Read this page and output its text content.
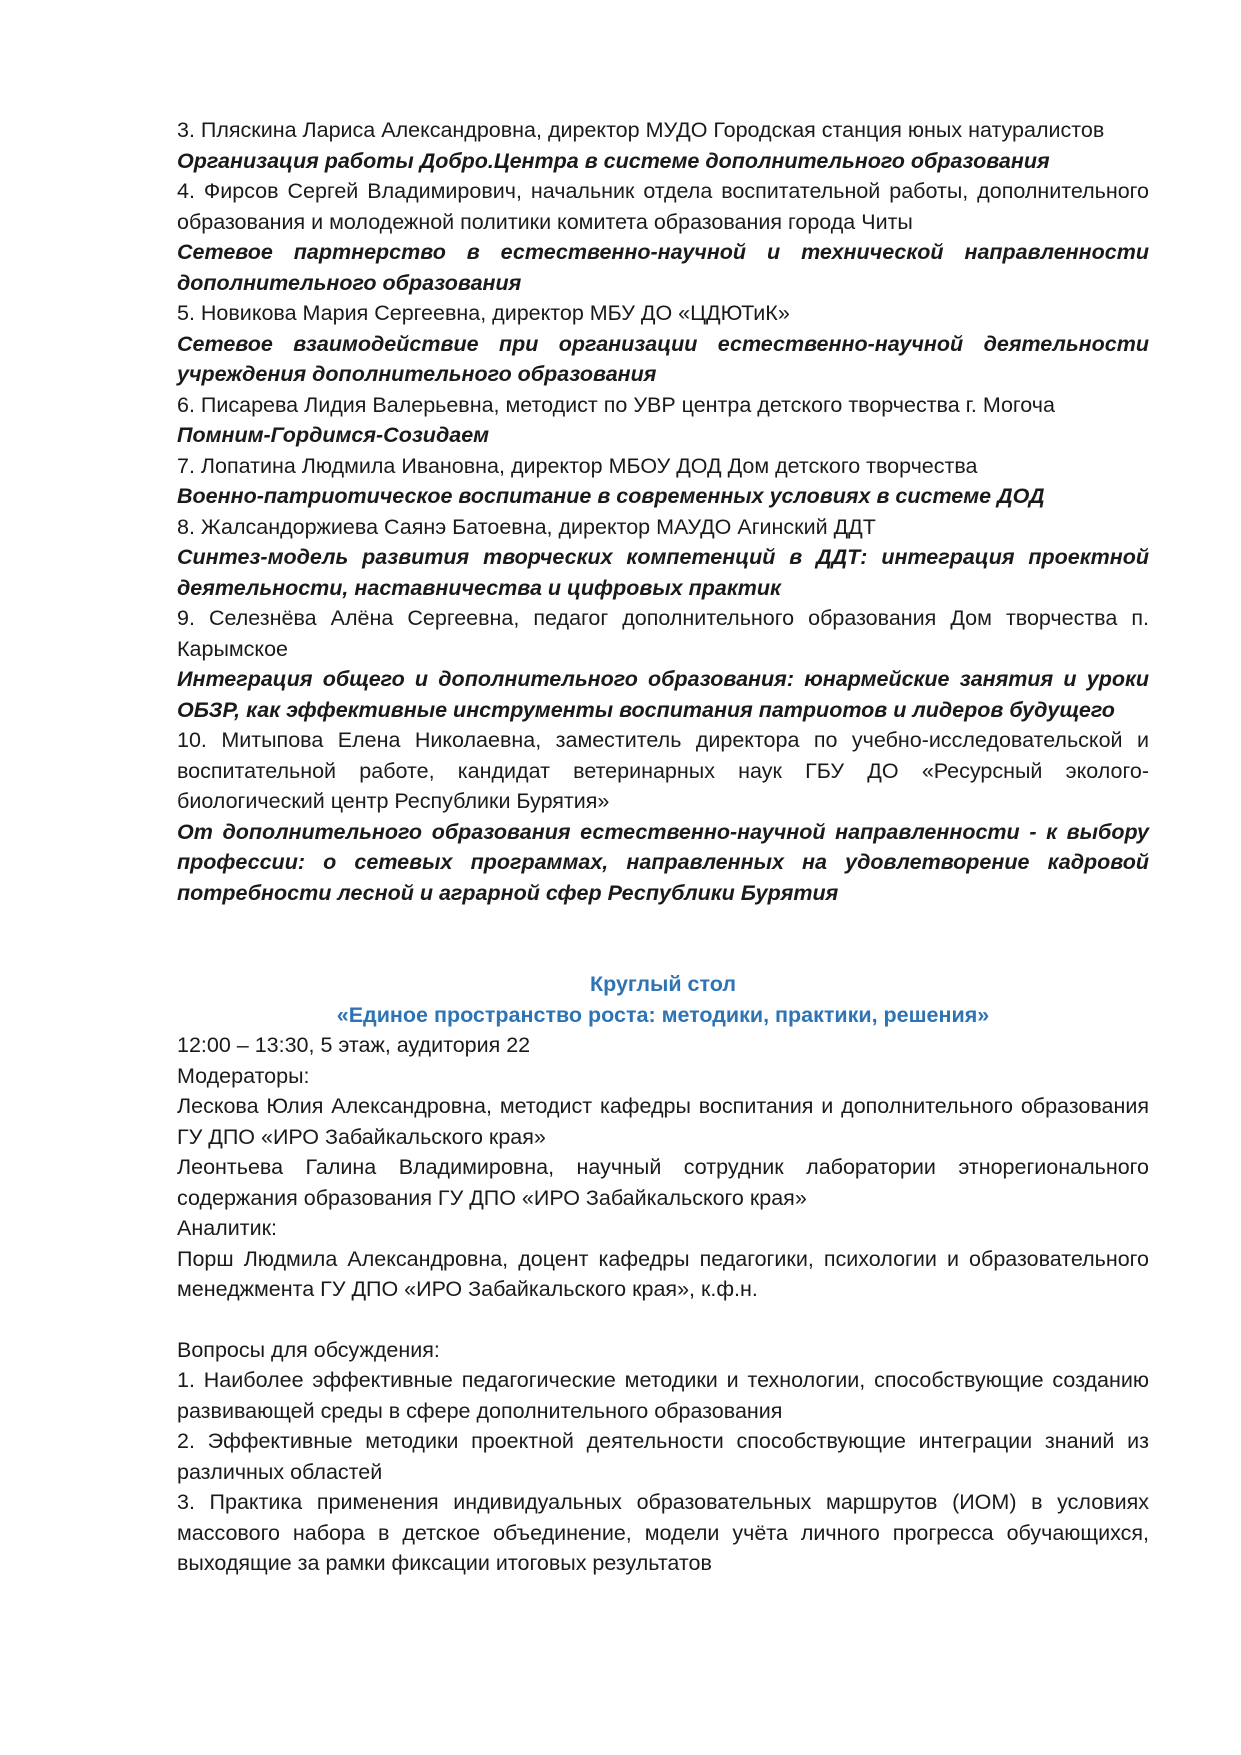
3. Пляскина Лариса Александровна, директор МУДО Городская станция юных натуралистов

Организация работы Добро.Центра в системе дополнительного образования

4. Фирсов Сергей Владимирович, начальник отдела воспитательной работы, дополнительного образования и молодежной политики комитета образования города Читы

Сетевое партнерство в естественно-научной и технической направленности дополнительного образования

5. Новикова Мария Сергеевна, директор МБУ ДО «ЦДЮТиК»

Сетевое взаимодействие при организации естественно-научной деятельности учреждения дополнительного образования

6. Писарева Лидия Валерьевна, методист по УВР центра детского творчества г. Могоча

Помним-Гордимся-Созидаем

7. Лопатина Людмила Ивановна, директор МБОУ ДОД Дом детского творчества

Военно-патриотическое воспитание в современных условиях в системе ДОД

8. Жалсандоржиева Саянэ Батоевна, директор МАУДО Агинский ДДТ

Синтез-модель развития творческих компетенций в ДДТ: интеграция проектной деятельности, наставничества и цифровых практик

9. Селезнёва Алёна Сергеевна, педагог дополнительного образования Дом творчества п. Карымское

Интеграция общего и дополнительного образования: юнармейские занятия и уроки ОБЗР, как эффективные инструменты воспитания патриотов и лидеров будущего

10. Митыпова Елена Николаевна, заместитель директора по учебно-исследовательской и воспитательной работе, кандидат ветеринарных наук ГБУ ДО «Ресурсный эколого-биологический центр Республики Бурятия»

От дополнительного образования естественно-научной направленности - к выбору профессии: о сетевых программах, направленных на удовлетворение кадровой потребности лесной и аграрной сфер Республики Бурятия

Круглый стол

«Единое пространство роста: методики, практики, решения»

12:00 – 13:30, 5 этаж, аудитория 22

Модераторы:

Лескова Юлия Александровна, методист кафедры воспитания и дополнительного образования ГУ ДПО «ИРО Забайкальского края»

Леонтьева Галина Владимировна, научный сотрудник лаборатории этнорегионального содержания образования ГУ ДПО «ИРО Забайкальского края»

Аналитик:

Порш Людмила Александровна, доцент кафедры педагогики, психологии и образовательного менеджмента ГУ ДПО «ИРО Забайкальского края», к.ф.н.

Вопросы для обсуждения:

1. Наиболее эффективные педагогические методики и технологии, способствующие созданию развивающей среды в сфере дополнительного образования

2. Эффективные методики проектной деятельности способствующие интеграции знаний из различных областей

3. Практика применения индивидуальных образовательных маршрутов (ИОМ) в условиях массового набора в детское объединение, модели учёта личного прогресса обучающихся, выходящие за рамки фиксации итоговых результатов
